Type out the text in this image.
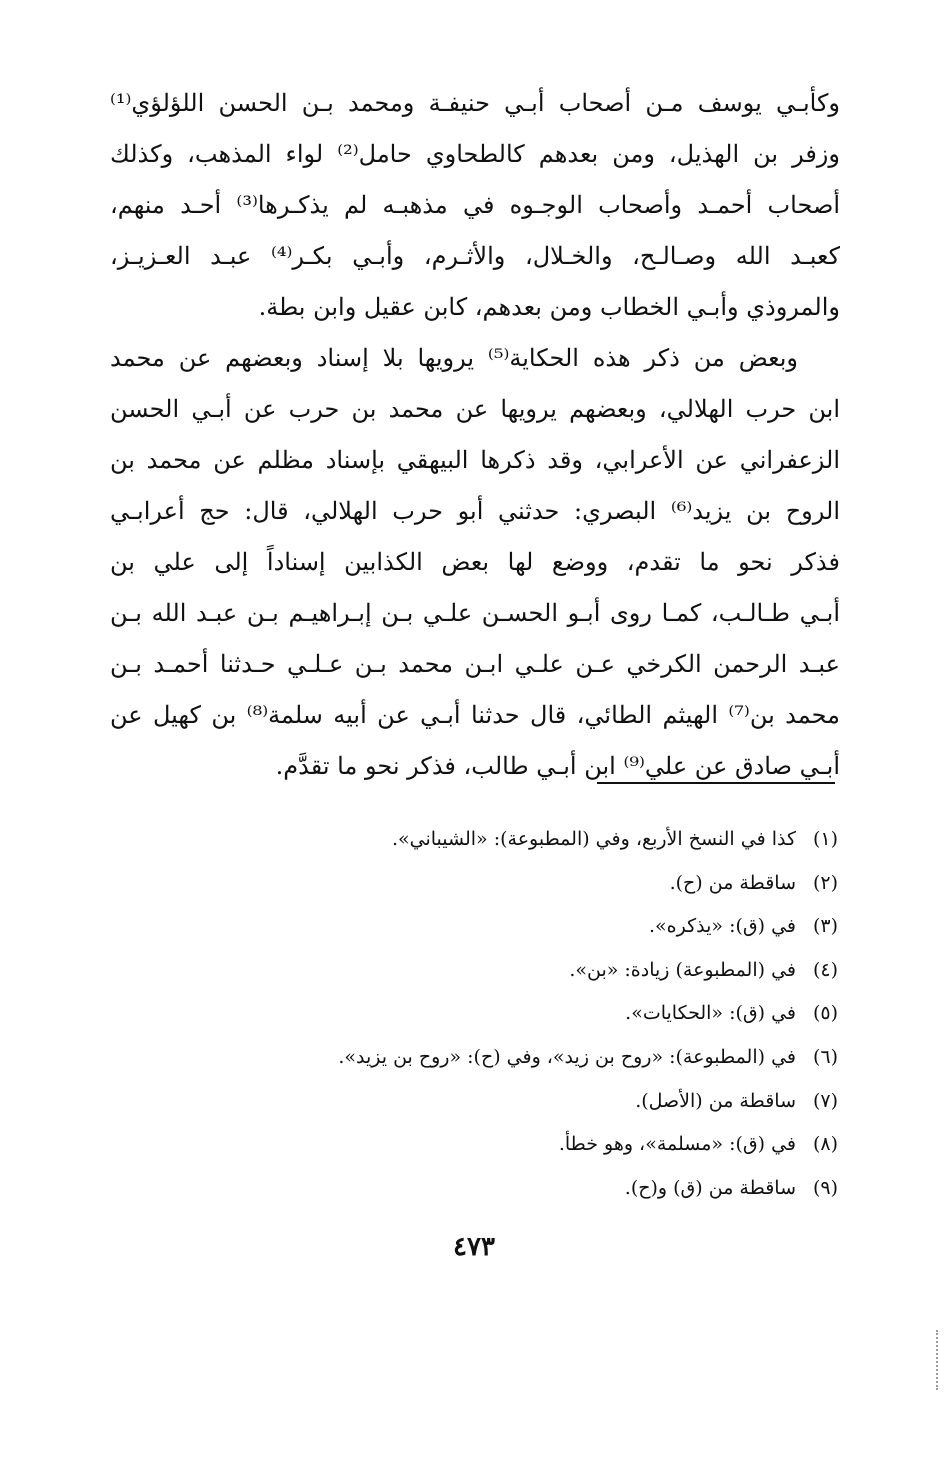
وكأبـي يوسف مـن أصحاب أبـي حنيفـة ومحمد بـن الحسن اللؤلؤي⁽¹⁾
وزفر بن الهذيل، ومن بعدهم كالطحاوي حامل⁽²⁾ لواء المذهب، وكذلك
أصحاب أحمـد وأصحاب الوجـوه في مذهبـه لم يذكـرها⁽³⁾ أحـد منهم،
كعبـد الله وصـالـح، والخـلال، والأثـرم، وأبـي بكـر⁽⁴⁾ عبـد العـزيـز،
والمروذي وأبـي الخطاب ومن بعدهم، كابن عقيل وابن بطة.
وبعض من ذكر هذه الحكاية⁽⁵⁾ يرويها بلا إسناد وبعضهم عن محمد
ابن حرب الهلالي، وبعضهم يرويها عن محمد بن حرب عن أبـي الحسن
الزعفراني عن الأعرابي، وقد ذكرها البيهقي بإسناد مظلم عن محمد بن
الروح بن يزيد⁽⁶⁾ البصري: حدثني أبو حرب الهلالي، قال: حج أعرابـي
فذكر نحو ما تقدم، ووضع لها بعض الكذابين إسناداً إلى علي بن
أبـي طـالـب، كمـا روى أبـو الحسـن علـي بـن إبـراهيـم بـن عبـد الله بـن
عبـد الرحمن الكرخي عـن علـي ابـن محمد بـن عـلـي حـدثنا أحمـد بـن
محمد بن⁽⁷⁾ الهيثم الطائي، قال حدثنا أبـي عن أبيه سلمة⁽⁸⁾ بن كهيل عن
أبـي صادق عن علي⁽⁹⁾ ابن أبـي طالب، فذكر نحو ما تقدَّم.
(١)كذا في النسخ الأربع، وفي (المطبوعة): «الشيباني».
(٢)ساقطة من (ح).
(٣)في (ق): «يذكره».
(٤)في (المطبوعة) زيادة: «بن».
(٥)في (ق): «الحكايات».
(٦)في (المطبوعة): «روح بن زيد»، وفي (ح): «روح بن يزيد».
(٧)ساقطة من (الأصل).
(٨)في (ق): «مسلمة»، وهو خطأ.
(٩)ساقطة من (ق) و(ح).
٤٧٣
